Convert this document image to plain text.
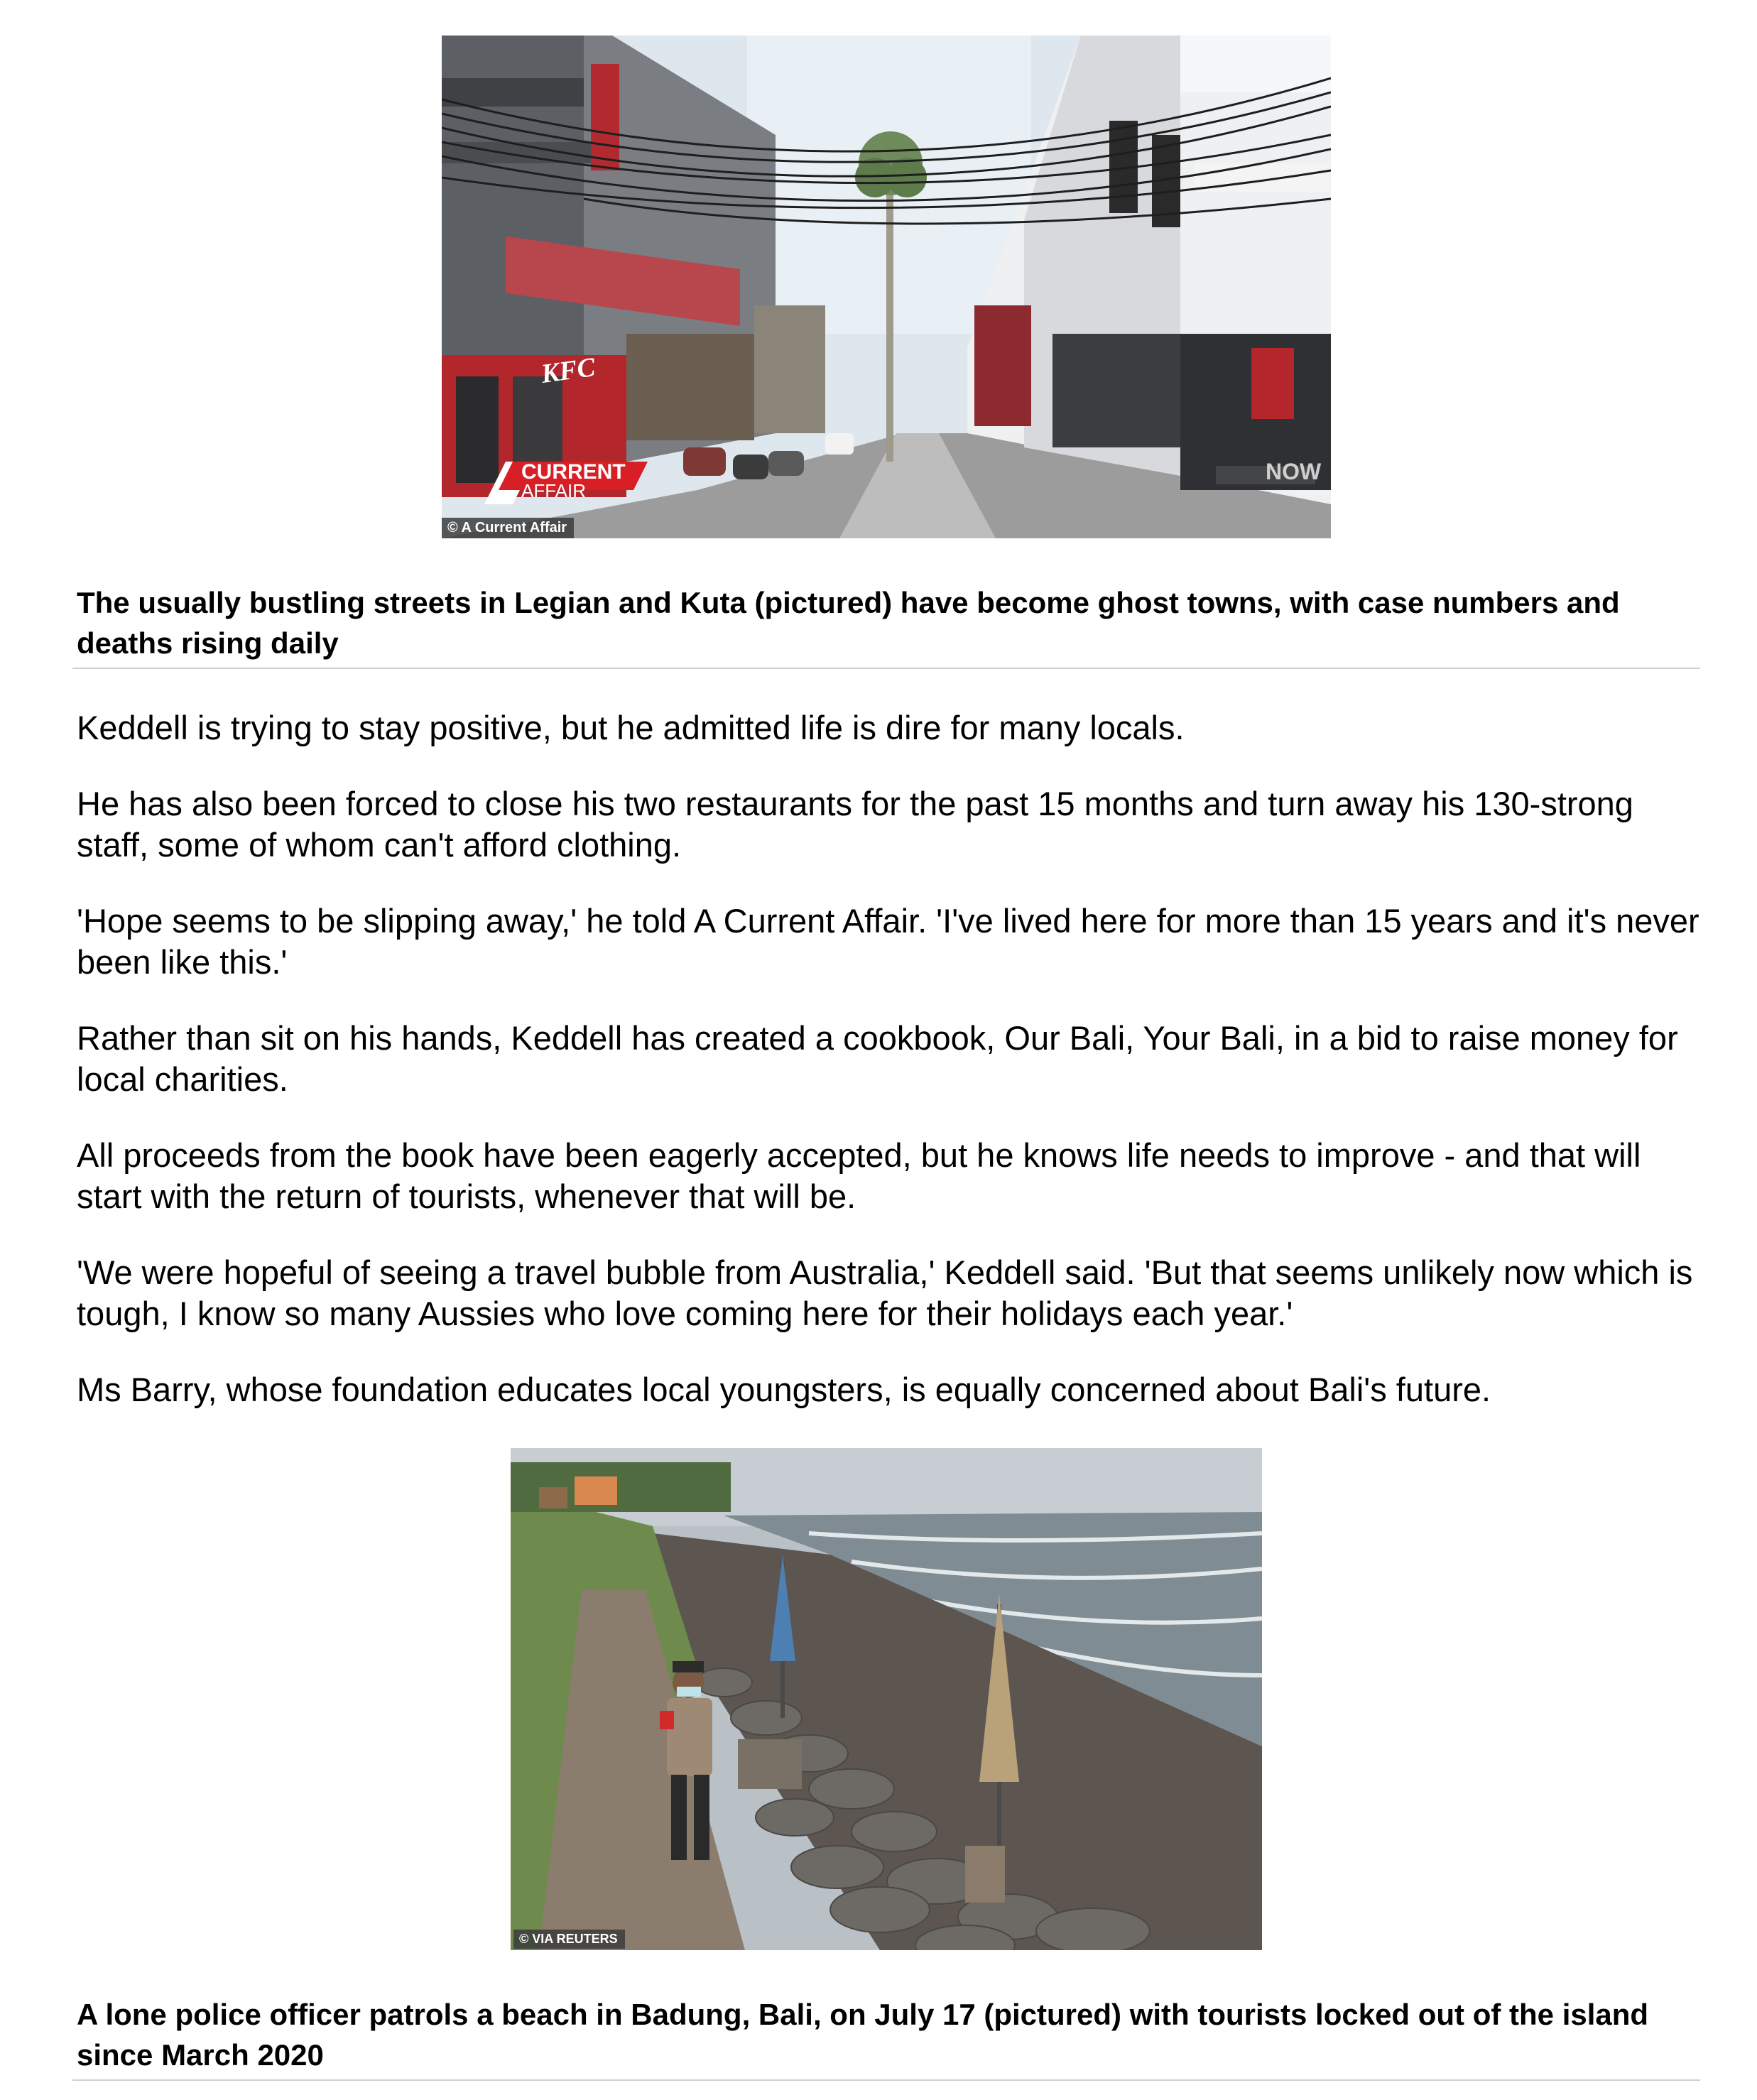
KFC
CURRENT
AFFAIR
NOW
© A Current Affair
The usually bustling streets in Legian and Kuta (pictured) have become ghost towns, with case numbers and deaths rising daily

Keddell is trying to stay positive, but he admitted life is dire for many locals.

He has also been forced to close his two restaurants for the past 15 months and turn away his 130-strong staff, some of whom can't afford clothing.

'Hope seems to be slipping away,' he told A Current Affair. 'I've lived here for more than 15 years and it's never been like this.'

Rather than sit on his hands, Keddell has created a cookbook, Our Bali, Your Bali, in a bid to raise money for local charities.

All proceeds from the book have been eagerly accepted, but he knows life needs to improve - and that will start with the return of tourists, whenever that will be.

'We were hopeful of seeing a travel bubble from Australia,' Keddell said. 'But that seems unlikely now which is tough, I know so many Aussies who love coming here for their holidays each year.'

Ms Barry, whose foundation educates local youngsters, is equally concerned about Bali's future.

© VIA REUTERS
A lone police officer patrols a beach in Badung, Bali, on July 17 (pictured) with tourists locked out of the island since March 2020
